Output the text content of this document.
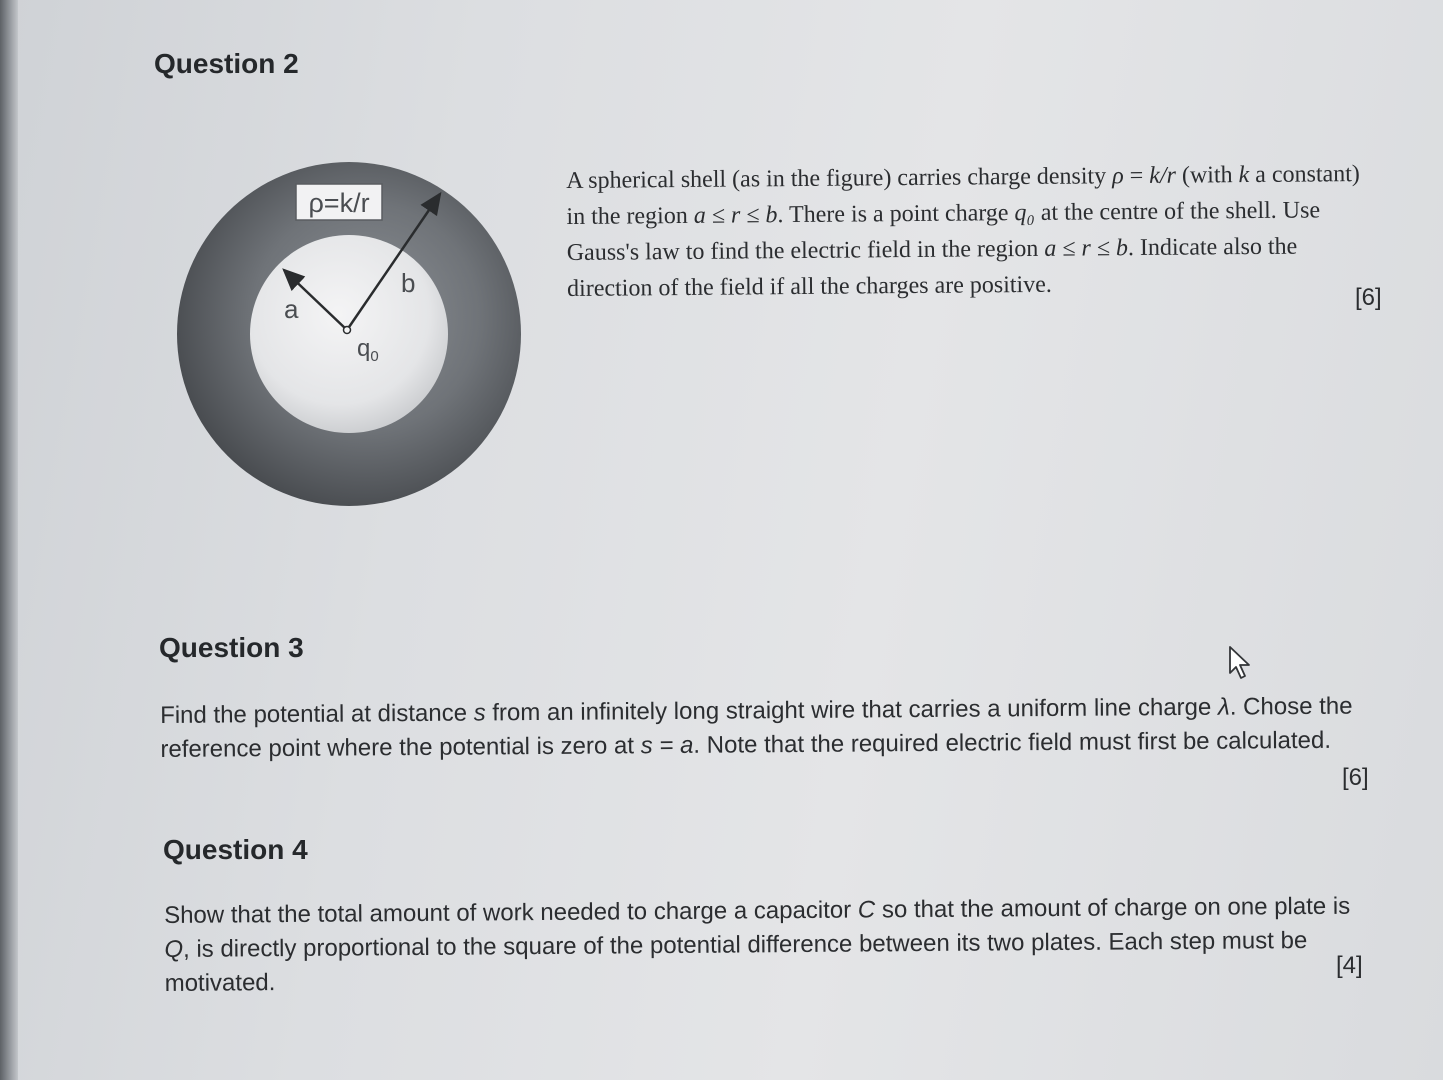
Question 2
ρ=k/r
b
a
$q_0$

A spherical shell (as in the figure) carries charge density ρ = k/r (with k a constant) in the region a ≤ r ≤ b. There is a point charge q₀ at the centre of the shell. Use Gauss's law to find the electric field in the region a ≤ r ≤ b. Indicate also the direction of the field if all the charges are positive.	[6]
Question 3

Find the potential at distance s from an infinitely long straight wire that carries a uniform line charge λ. Chose the reference point where the potential is zero at s = a. Note that the required electric field must first be calculated.

[6]
Question 4

Show that the total amount of work needed to charge a capacitor C so that the amount of charge on one plate is Q, is directly proportional to the square of the potential difference between its two plates. Each step must be motivated.

[4]
